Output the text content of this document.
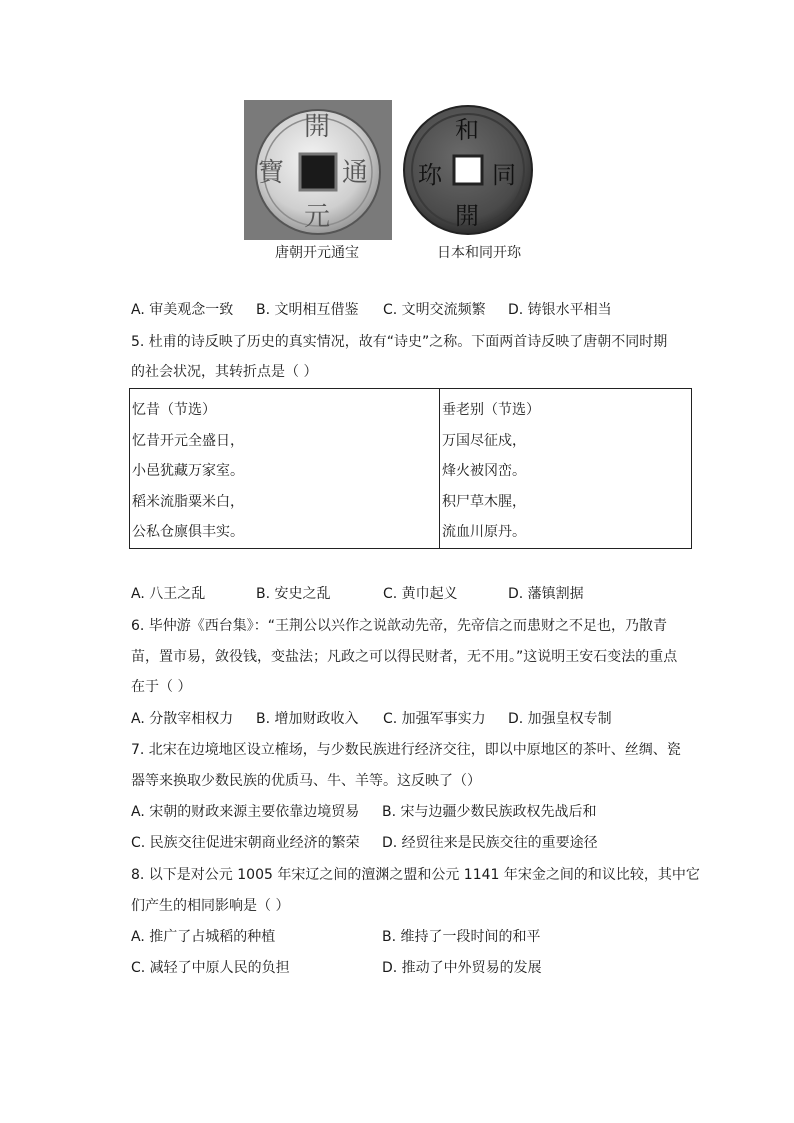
開
通
元
寶
和
同
開
珎
唐朝开元通宝	日本和同开珎
A. 审美观念一致 B. 文明相互借鉴 C. 文明交流频繁 D. 铸银水平相当
5. 杜甫的诗反映了历史的真实情况，故有“诗史”之称。下面两首诗反映了唐朝不同时期
的社会状况，其转折点是（ ）
忆昔（节选）
忆昔开元全盛日，
小邑犹藏万家室。
稻米流脂粟米白，
公私仓廪俱丰实。

垂老别（节选）
万国尽征戍，
烽火被冈峦。
积尸草木腥，
流血川原丹。
A. 八王之乱	B. 安史之乱	C. 黄巾起义	D. 藩镇割据
6. 毕仲游《西台集》：“王荆公以兴作之说歆动先帝，先帝信之而患财之不足也，乃散青
苗，置市易，敛役钱，变盐法；凡政之可以得民财者，无不用。”这说明王安石变法的重点
在于（ ）
A. 分散宰相权力 B. 增加财政收入 C. 加强军事实力 D. 加强皇权专制
7. 北宋在边境地区设立榷场，与少数民族进行经济交往，即以中原地区的茶叶、丝绸、瓷
器等来换取少数民族的优质马、牛、羊等。这反映了（）
A. 宋朝的财政来源主要依靠边境贸易 B. 宋与边疆少数民族政权先战后和
C. 民族交往促进宋朝商业经济的繁荣 D. 经贸往来是民族交往的重要途径
8. 以下是对公元 1005 年宋辽之间的澶渊之盟和公元 1141 年宋金之间的和议比较，其中它
们产生的相同影响是（ ）
A. 推广了占城稻的种植	B. 维持了一段时间的和平
C. 减轻了中原人民的负担	D. 推动了中外贸易的发展
